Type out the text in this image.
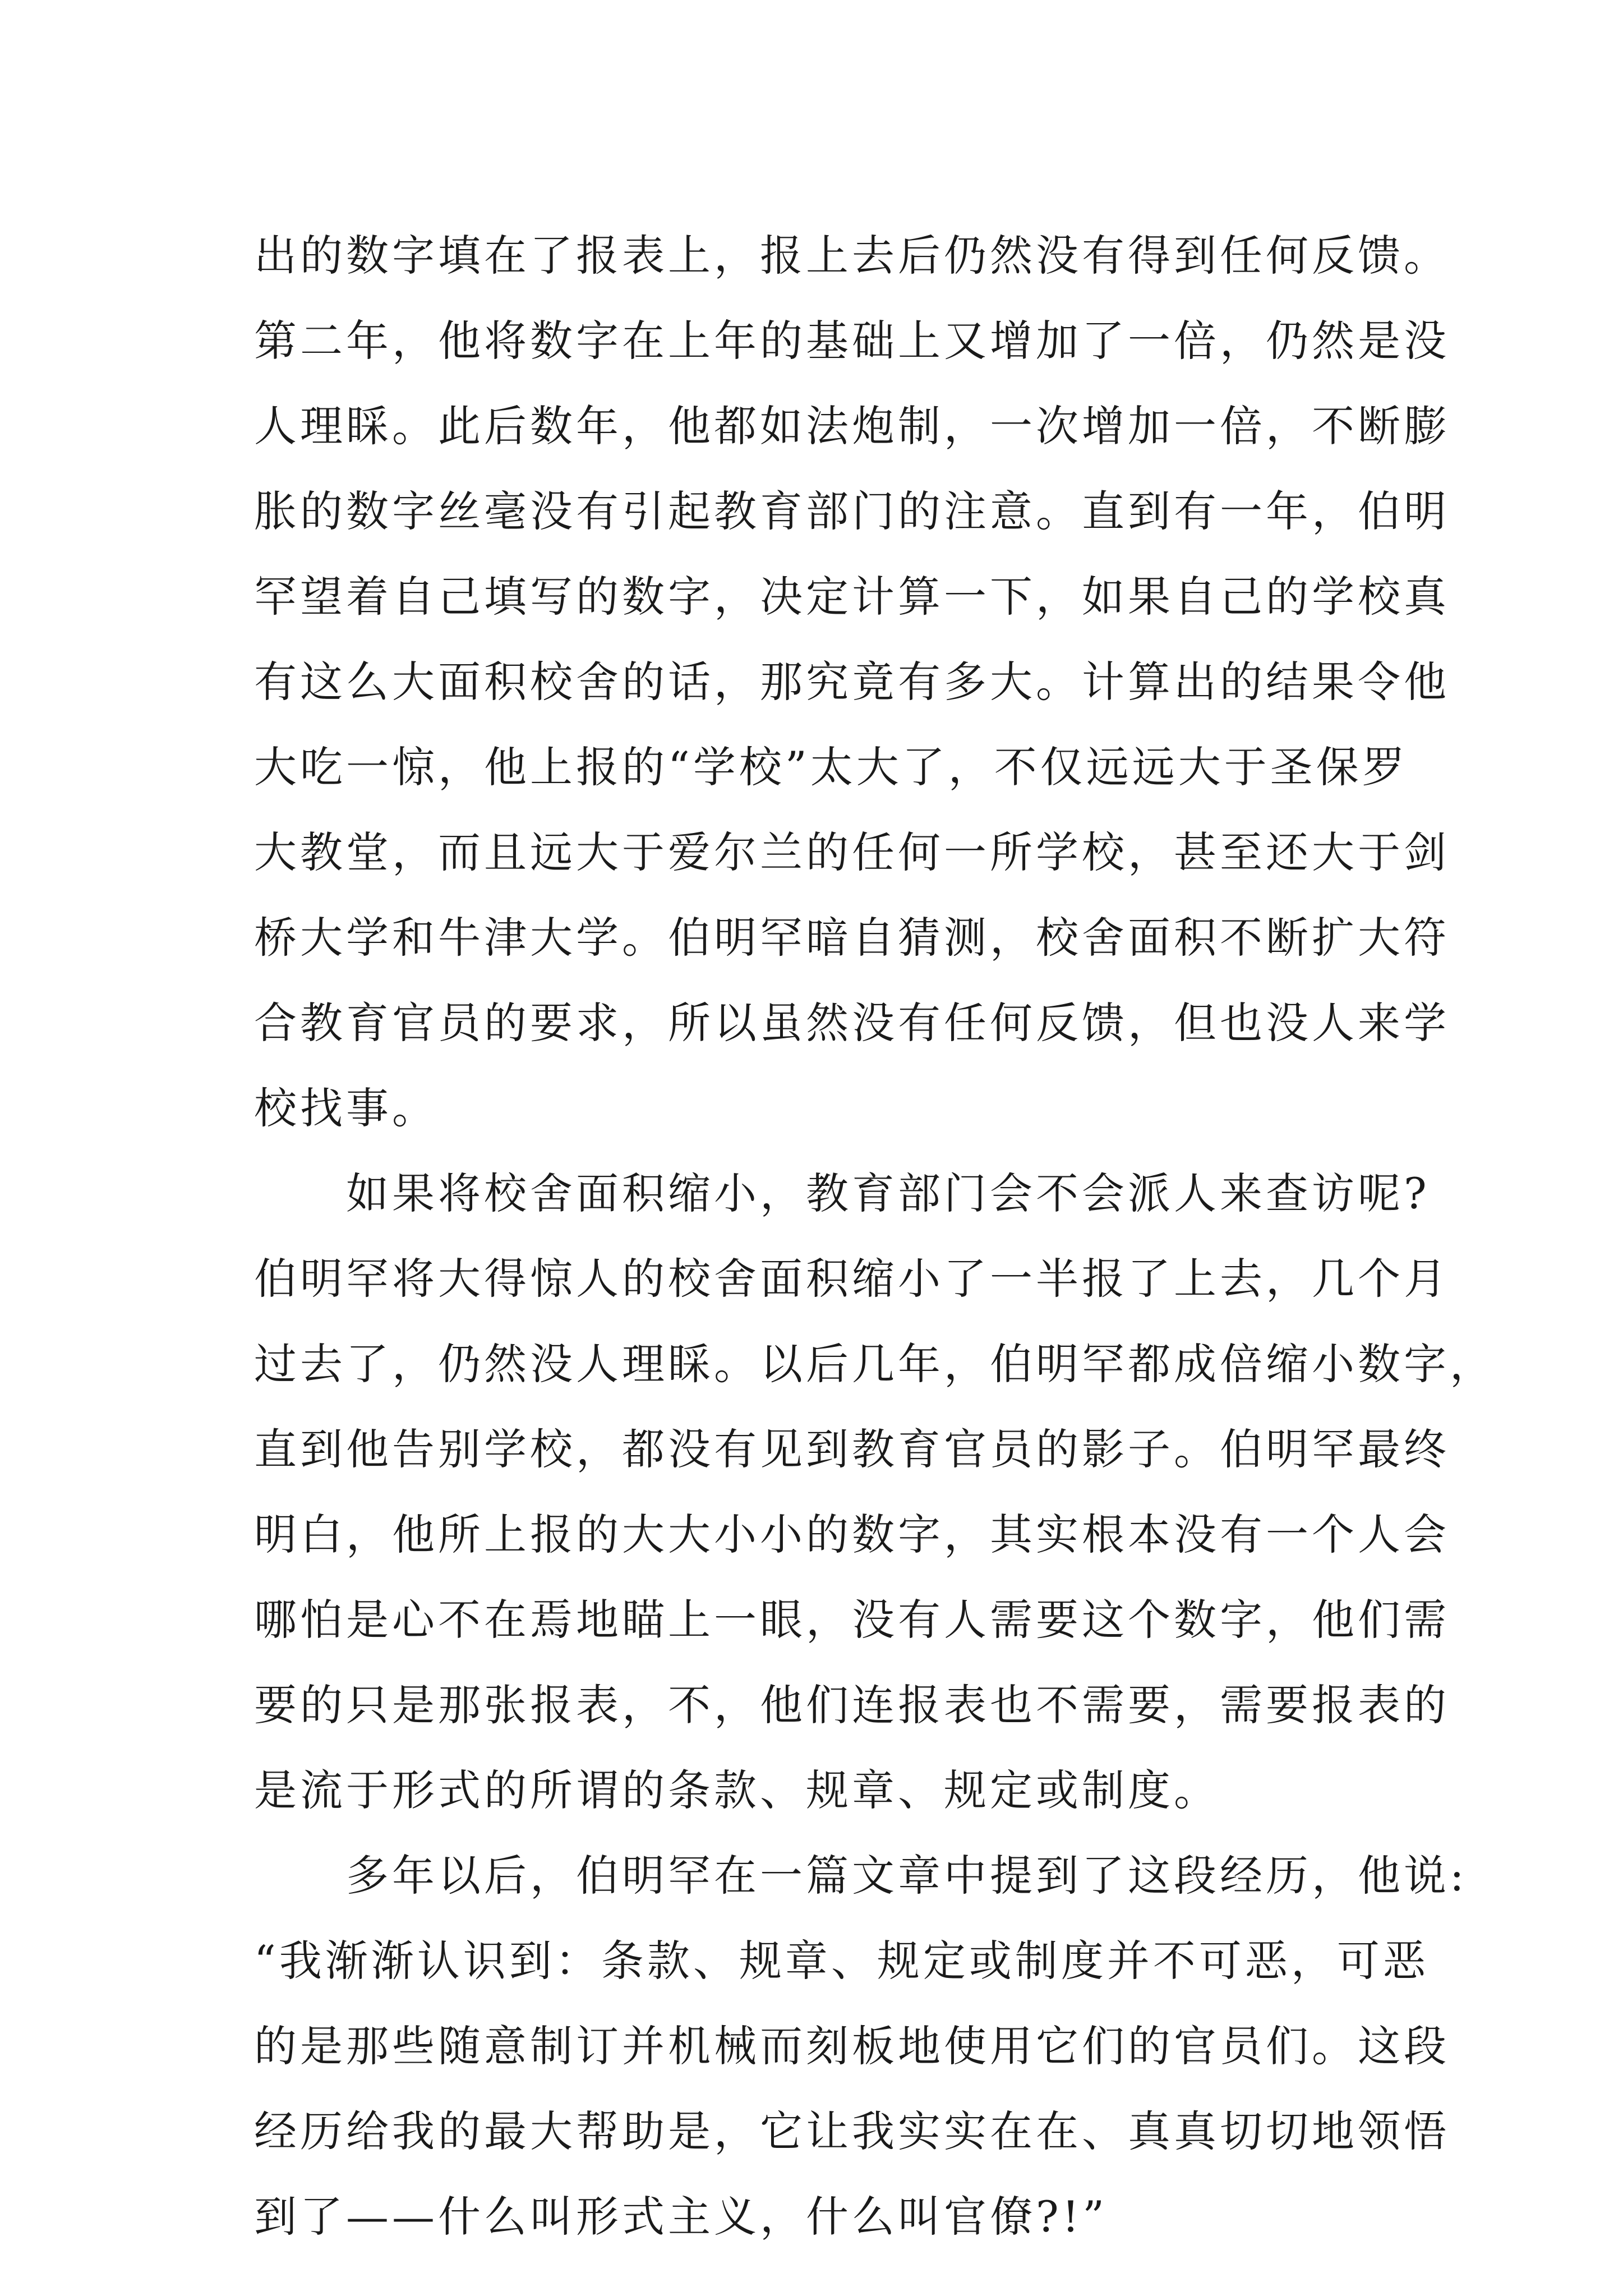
出的数字填在了报表上，报上去后仍然没有得到任何反馈。
第二年，他将数字在上年的基础上又增加了一倍，仍然是没
人理睬。此后数年，他都如法炮制，一次增加一倍，不断膨
胀的数字丝毫没有引起教育部门的注意。直到有一年，伯明
罕望着自己填写的数字，决定计算一下，如果自己的学校真
有这么大面积校舍的话，那究竟有多大。计算出的结果令他
大吃一惊，他上报的“学校”太大了，不仅远远大于圣保罗
大教堂，而且远大于爱尔兰的任何一所学校，甚至还大于剑
桥大学和牛津大学。伯明罕暗自猜测，校舍面积不断扩大符
合教育官员的要求，所以虽然没有任何反馈，但也没人来学
校找事。
　　如果将校舍面积缩小，教育部门会不会派人来查访呢?
伯明罕将大得惊人的校舍面积缩小了一半报了上去，几个月
过去了，仍然没人理睬。以后几年，伯明罕都成倍缩小数字，
直到他告别学校，都没有见到教育官员的影子。伯明罕最终
明白，他所上报的大大小小的数字，其实根本没有一个人会
哪怕是心不在焉地瞄上一眼，没有人需要这个数字，他们需
要的只是那张报表，不，他们连报表也不需要，需要报表的
是流于形式的所谓的条款、规章、规定或制度。
　　多年以后，伯明罕在一篇文章中提到了这段经历，他说:
“我渐渐认识到：条款、规章、规定或制度并不可恶，可恶
的是那些随意制订并机械而刻板地使用它们的官员们。这段
经历给我的最大帮助是，它让我实实在在、真真切切地领悟
到了——什么叫形式主义，什么叫官僚?!”
